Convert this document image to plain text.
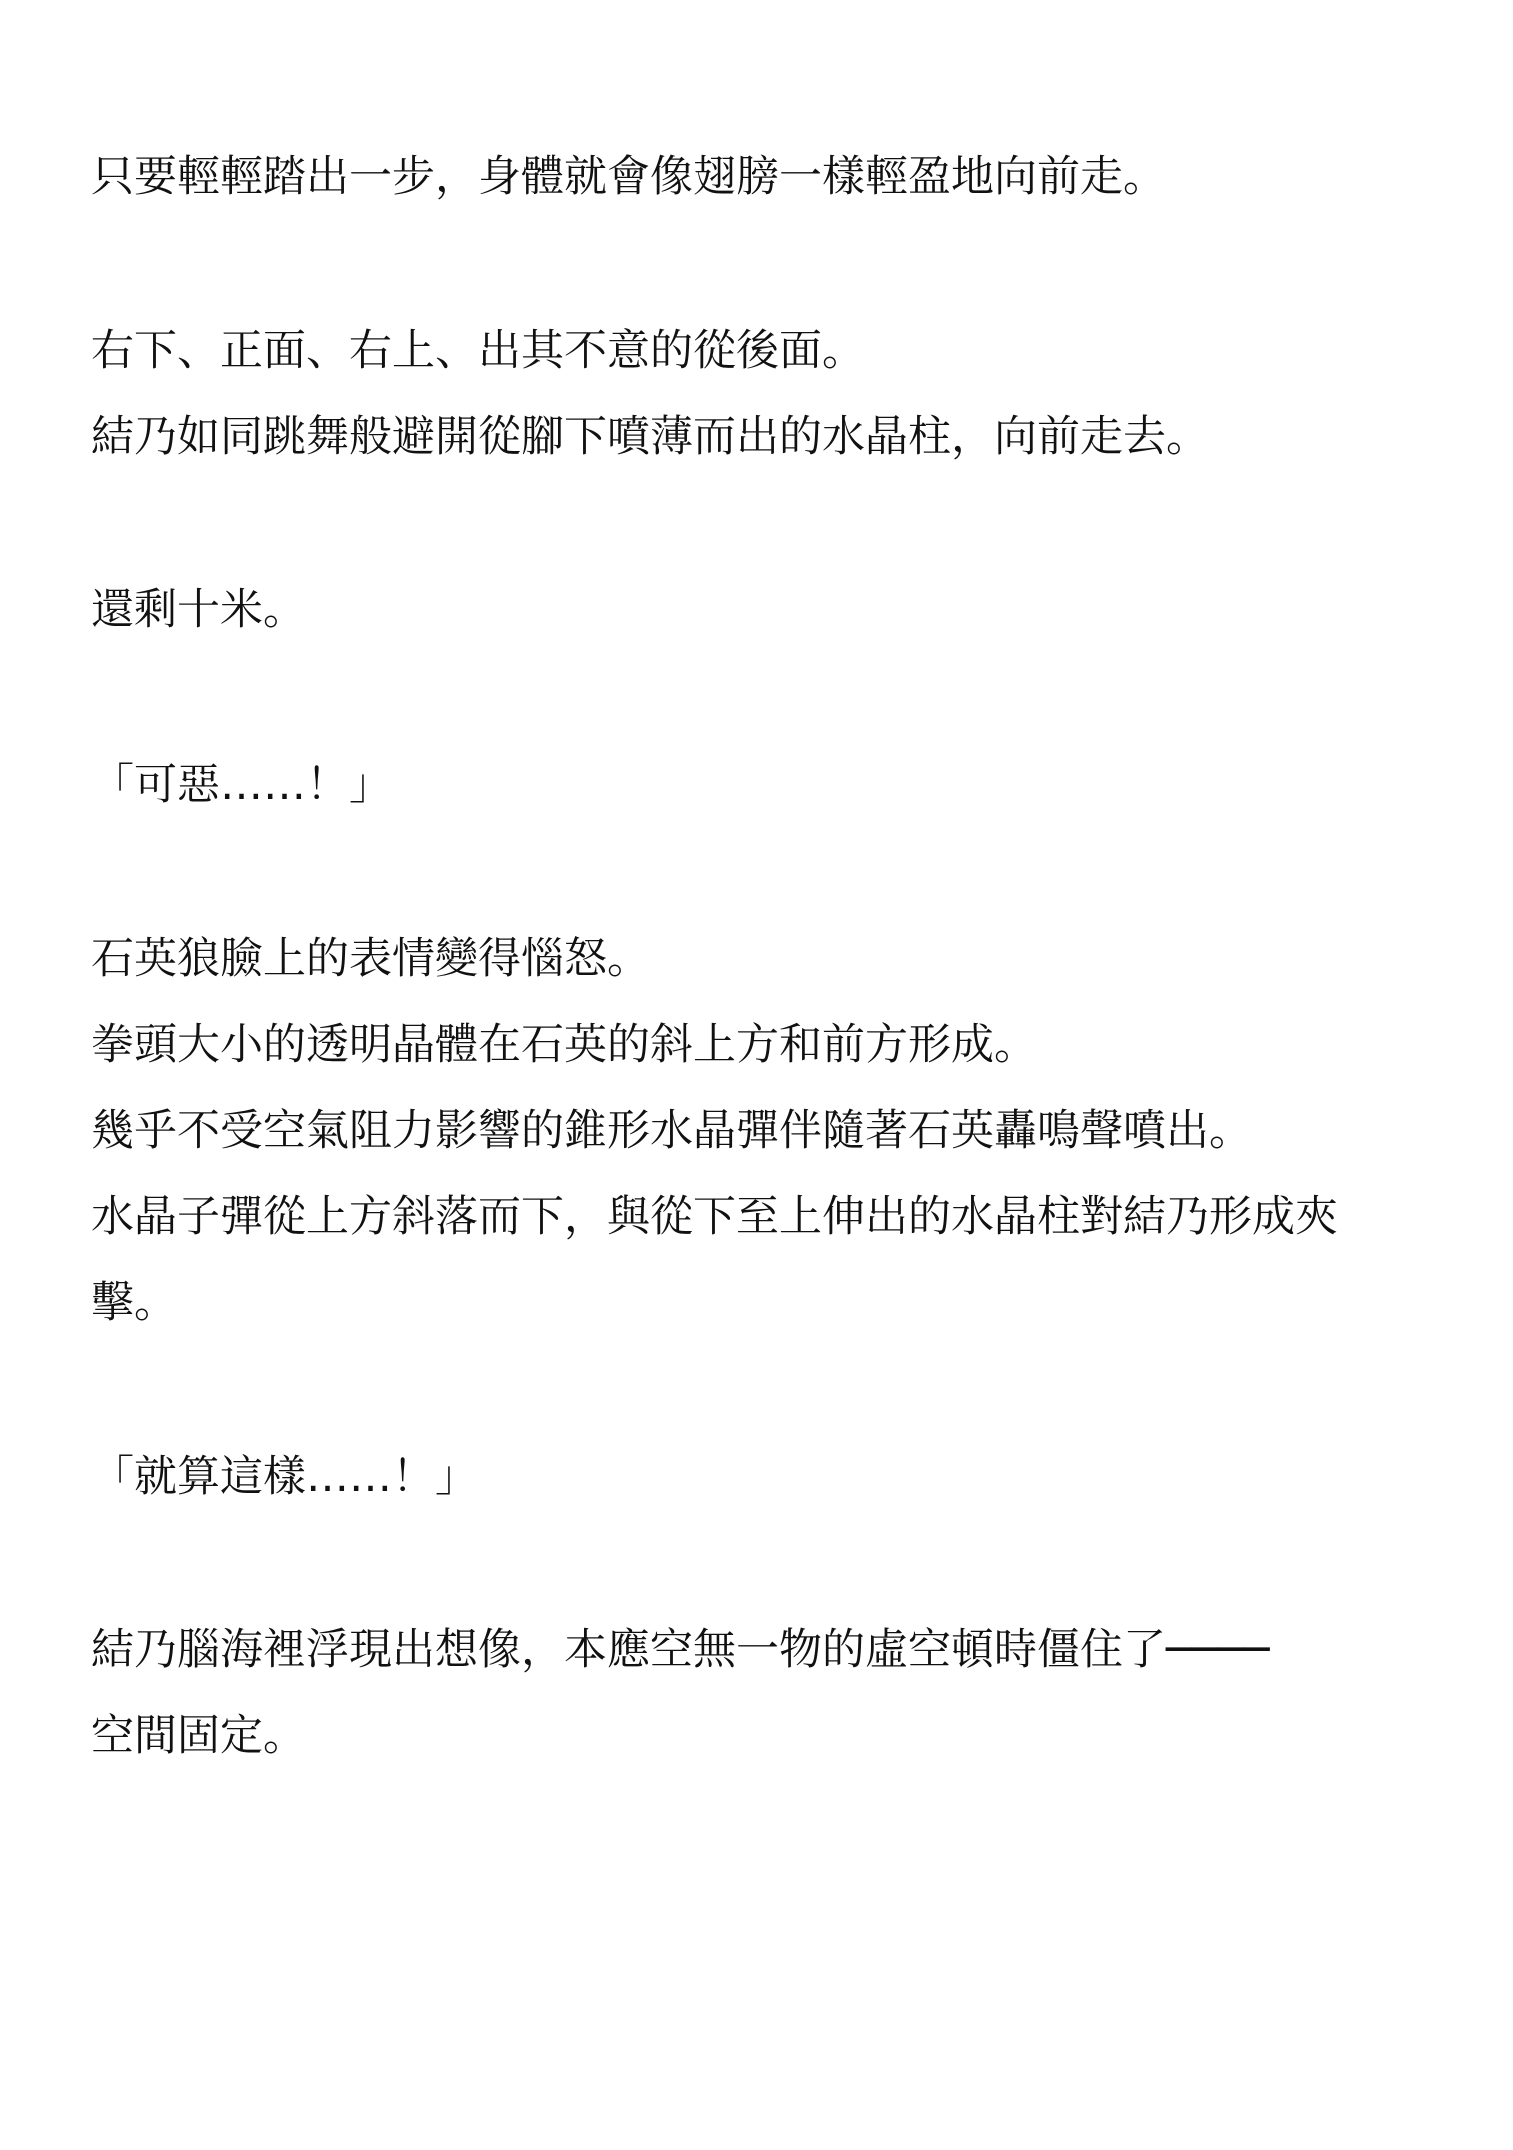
只要輕輕踏出一步，身體就會像翅膀一樣輕盈地向前走。
右下、正面、右上、出其不意的從後面。
結乃如同跳舞般避開從腳下噴薄而出的水晶柱，向前走去。
還剩十米。
「可惡……！」
石英狼臉上的表情變得惱怒。
拳頭大小的透明晶體在石英的斜上方和前方形成。
幾乎不受空氣阻力影響的錐形水晶彈伴隨著石英轟鳴聲噴出。
水晶子彈從上方斜落而下，與從下至上伸出的水晶柱對結乃形成夾
擊。
「就算這樣……！」
結乃腦海裡浮現出想像，本應空無一物的虛空頓時僵住了────
空間固定。
